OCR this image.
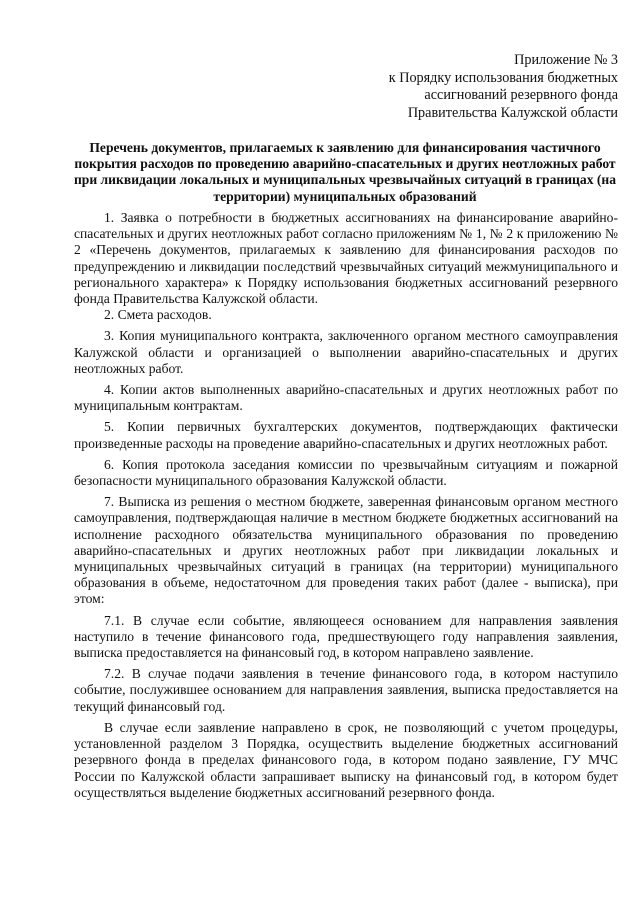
Приложение № 3
к Порядку использования бюджетных
ассигнований резервного фонда
Правительства Калужской области
Перечень документов, прилагаемых к заявлению для финансирования частичного покрытия расходов по проведению аварийно-спасательных и других неотложных работ при ликвидации локальных и муниципальных чрезвычайных ситуаций в границах (на территории) муниципальных образований

1. Заявка о потребности в бюджетных ассигнованиях на финансирование аварийно-спасательных и других неотложных работ согласно приложениям № 1, № 2 к приложению № 2 «Перечень документов, прилагаемых к заявлению для финансирования расходов по предупреждению и ликвидации последствий чрезвычайных ситуаций межмуниципального и регионального характера» к Порядку использования бюджетных ассигнований резервного фонда Правительства Калужской области.

2. Смета расходов.

3. Копия муниципального контракта, заключенного органом местного самоуправления Калужской области и организацией о выполнении аварийно-спасательных и других неотложных работ.

4. Копии актов выполненных аварийно-спасательных и других неотложных работ по муниципальным контрактам.

5. Копии первичных бухгалтерских документов, подтверждающих фактически произведенные расходы на проведение аварийно-спасательных и других неотложных работ.

6. Копия протокола заседания комиссии по чрезвычайным ситуациям и пожарной безопасности муниципального образования Калужской области.

7. Выписка из решения о местном бюджете, заверенная финансовым органом местного самоуправления, подтверждающая наличие в местном бюджете бюджетных ассигнований на исполнение расходного обязательства муниципального образования по проведению аварийно-спасательных и других неотложных работ при ликвидации локальных и муниципальных чрезвычайных ситуаций в границах (на территории) муниципального образования в объеме, недостаточном для проведения таких работ (далее - выписка), при этом:

7.1. В случае если событие, являющееся основанием для направления заявления наступило в течение финансового года, предшествующего году направления заявления, выписка предоставляется на финансовый год, в котором направлено заявление.

7.2. В случае подачи заявления в течение финансового года, в котором наступило событие, послужившее основанием для направления заявления, выписка предоставляется на текущий финансовый год.

В случае если заявление направлено в срок, не позволяющий с учетом процедуры, установленной разделом 3 Порядка, осуществить выделение бюджетных ассигнований резервного фонда в пределах финансового года, в котором подано заявление, ГУ МЧС России по Калужской области запрашивает выписку на финансовый год, в котором будет осуществляться выделение бюджетных ассигнований резервного фонда.
